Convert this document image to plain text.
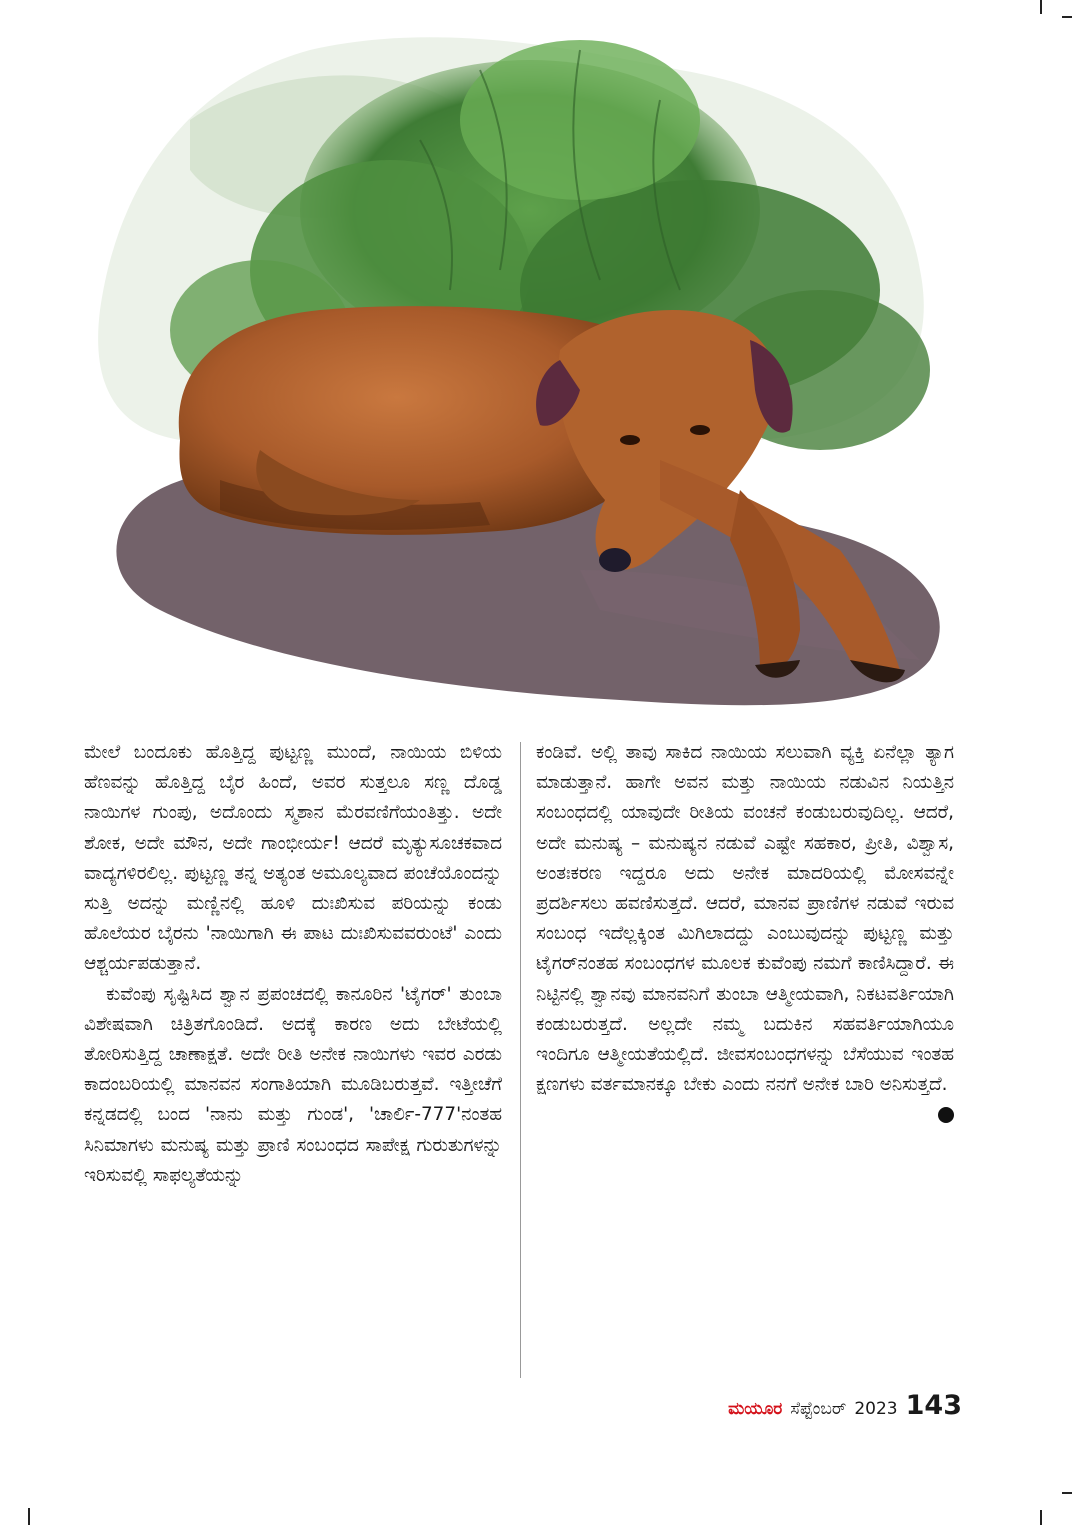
ಮೇಲೆ ಬಂದೂಕು ಹೊತ್ತಿದ್ದ ಪುಟ್ಟಣ್ಣ ಮುಂದೆ, ನಾಯಿಯ ಬಿಳಿಯ ಹೆಣವನ್ನು ಹೊತ್ತಿದ್ದ ಬೈರ ಹಿಂದೆ, ಅವರ ಸುತ್ತಲೂ ಸಣ್ಣ ದೊಡ್ಡ ನಾಯಿಗಳ ಗುಂಪು, ಅದೊಂದು ಸ್ಮಶಾನ ಮೆರವಣಿಗೆಯಂತಿತ್ತು. ಅದೇ ಶೋಕ, ಅದೇ ಮೌನ, ಅದೇ ಗಾಂಭೀರ್ಯ! ಆದರೆ ಮೃತ್ಯುಸೂಚಕವಾದ ವಾದ್ಯಗಳಿರಲಿಲ್ಲ. ಪುಟ್ಟಣ್ಣ ತನ್ನ ಅತ್ಯಂತ ಅಮೂಲ್ಯವಾದ ಪಂಚೆಯೊಂದನ್ನು ಸುತ್ತಿ ಅದನ್ನು ಮಣ್ಣಿನಲ್ಲಿ ಹೂಳಿ ದುಃಖಿಸುವ ಪರಿಯನ್ನು ಕಂಡು ಹೊಲೆಯರ ಬೈರನು 'ನಾಯಿಗಾಗಿ ಈ ಪಾಟ ದುಃಖಿಸುವವರುಂಟೆ' ಎಂದು ಆಶ್ಚರ್ಯಪಡುತ್ತಾನೆ.

ಕುವೆಂಪು ಸೃಷ್ಟಿಸಿದ ಶ್ವಾನ ಪ್ರಪಂಚದಲ್ಲಿ ಕಾನೂರಿನ 'ಟೈಗರ್' ತುಂಬಾ ವಿಶೇಷವಾಗಿ ಚಿತ್ರಿತಗೊಂಡಿದೆ. ಅದಕ್ಕೆ ಕಾರಣ ಅದು ಬೇಟೆಯಲ್ಲಿ ತೋರಿಸುತ್ತಿದ್ದ ಚಾಣಾಕ್ಷತೆ. ಅದೇ ರೀತಿ ಅನೇಕ ನಾಯಿಗಳು ಇವರ ಎರಡು ಕಾದಂಬರಿಯಲ್ಲಿ ಮಾನವನ ಸಂಗಾತಿಯಾಗಿ ಮೂಡಿಬರುತ್ತವೆ. ಇತ್ತೀಚೆಗೆ ಕನ್ನಡದಲ್ಲಿ ಬಂದ 'ನಾನು ಮತ್ತು ಗುಂಡ', 'ಚಾರ್ಲಿ-777'ನಂತಹ ಸಿನಿಮಾಗಳು ಮನುಷ್ಯ ಮತ್ತು ಪ್ರಾಣಿ ಸಂಬಂಧದ ಸಾಪೇಕ್ಷ ಗುರುತುಗಳನ್ನು ಇರಿಸುವಲ್ಲಿ ಸಾಫಲ್ಯತೆಯನ್ನು

ಕಂಡಿವೆ. ಅಲ್ಲಿ ತಾವು ಸಾಕಿದ ನಾಯಿಯ ಸಲುವಾಗಿ ವ್ಯಕ್ತಿ ಏನೆಲ್ಲಾ ತ್ಯಾಗ ಮಾಡುತ್ತಾನೆ. ಹಾಗೇ ಅವನ ಮತ್ತು ನಾಯಿಯ ನಡುವಿನ ನಿಯತ್ತಿನ ಸಂಬಂಧದಲ್ಲಿ ಯಾವುದೇ ರೀತಿಯ ವಂಚನೆ ಕಂಡುಬರುವುದಿಲ್ಲ. ಆದರೆ, ಅದೇ ಮನುಷ್ಯ – ಮನುಷ್ಯನ ನಡುವೆ ಎಷ್ಟೇ ಸಹಕಾರ, ಪ್ರೀತಿ, ವಿಶ್ವಾಸ, ಅಂತಃಕರಣ ಇದ್ದರೂ ಅದು ಅನೇಕ ಮಾದರಿಯಲ್ಲಿ ಮೋಸವನ್ನೇ ಪ್ರದರ್ಶಿಸಲು ಹವಣಿಸುತ್ತದೆ. ಆದರೆ, ಮಾನವ ಪ್ರಾಣಿಗಳ ನಡುವೆ ಇರುವ ಸಂಬಂಧ ಇದೆಲ್ಲಕ್ಕಿಂತ ಮಿಗಿಲಾದದ್ದು ಎಂಬುವುದನ್ನು ಪುಟ್ಟಣ್ಣ ಮತ್ತು ಟೈಗರ್‌ನಂತಹ ಸಂಬಂಧಗಳ ಮೂಲಕ ಕುವೆಂಪು ನಮಗೆ ಕಾಣಿಸಿದ್ದಾರೆ. ಈ ನಿಟ್ಟಿನಲ್ಲಿ ಶ್ವಾನವು ಮಾನವನಿಗೆ ತುಂಬಾ ಆತ್ಮೀಯವಾಗಿ, ನಿಕಟವರ್ತಿಯಾಗಿ ಕಂಡುಬರುತ್ತದೆ. ಅಲ್ಲದೇ ನಮ್ಮ ಬದುಕಿನ ಸಹವರ್ತಿಯಾಗಿಯೂ ಇಂದಿಗೂ ಆತ್ಮೀಯತೆಯಲ್ಲಿದೆ. ಜೀವಸಂಬಂಧಗಳನ್ನು ಬೆಸೆಯುವ ಇಂತಹ ಕ್ಷಣಗಳು ವರ್ತಮಾನಕ್ಕೂ ಬೇಕು ಎಂದು ನನಗೆ ಅನೇಕ ಬಾರಿ ಅನಿಸುತ್ತದೆ.

ಮಯೂರ ಸೆಪ್ಟೆಂಬರ್ 2023 143
